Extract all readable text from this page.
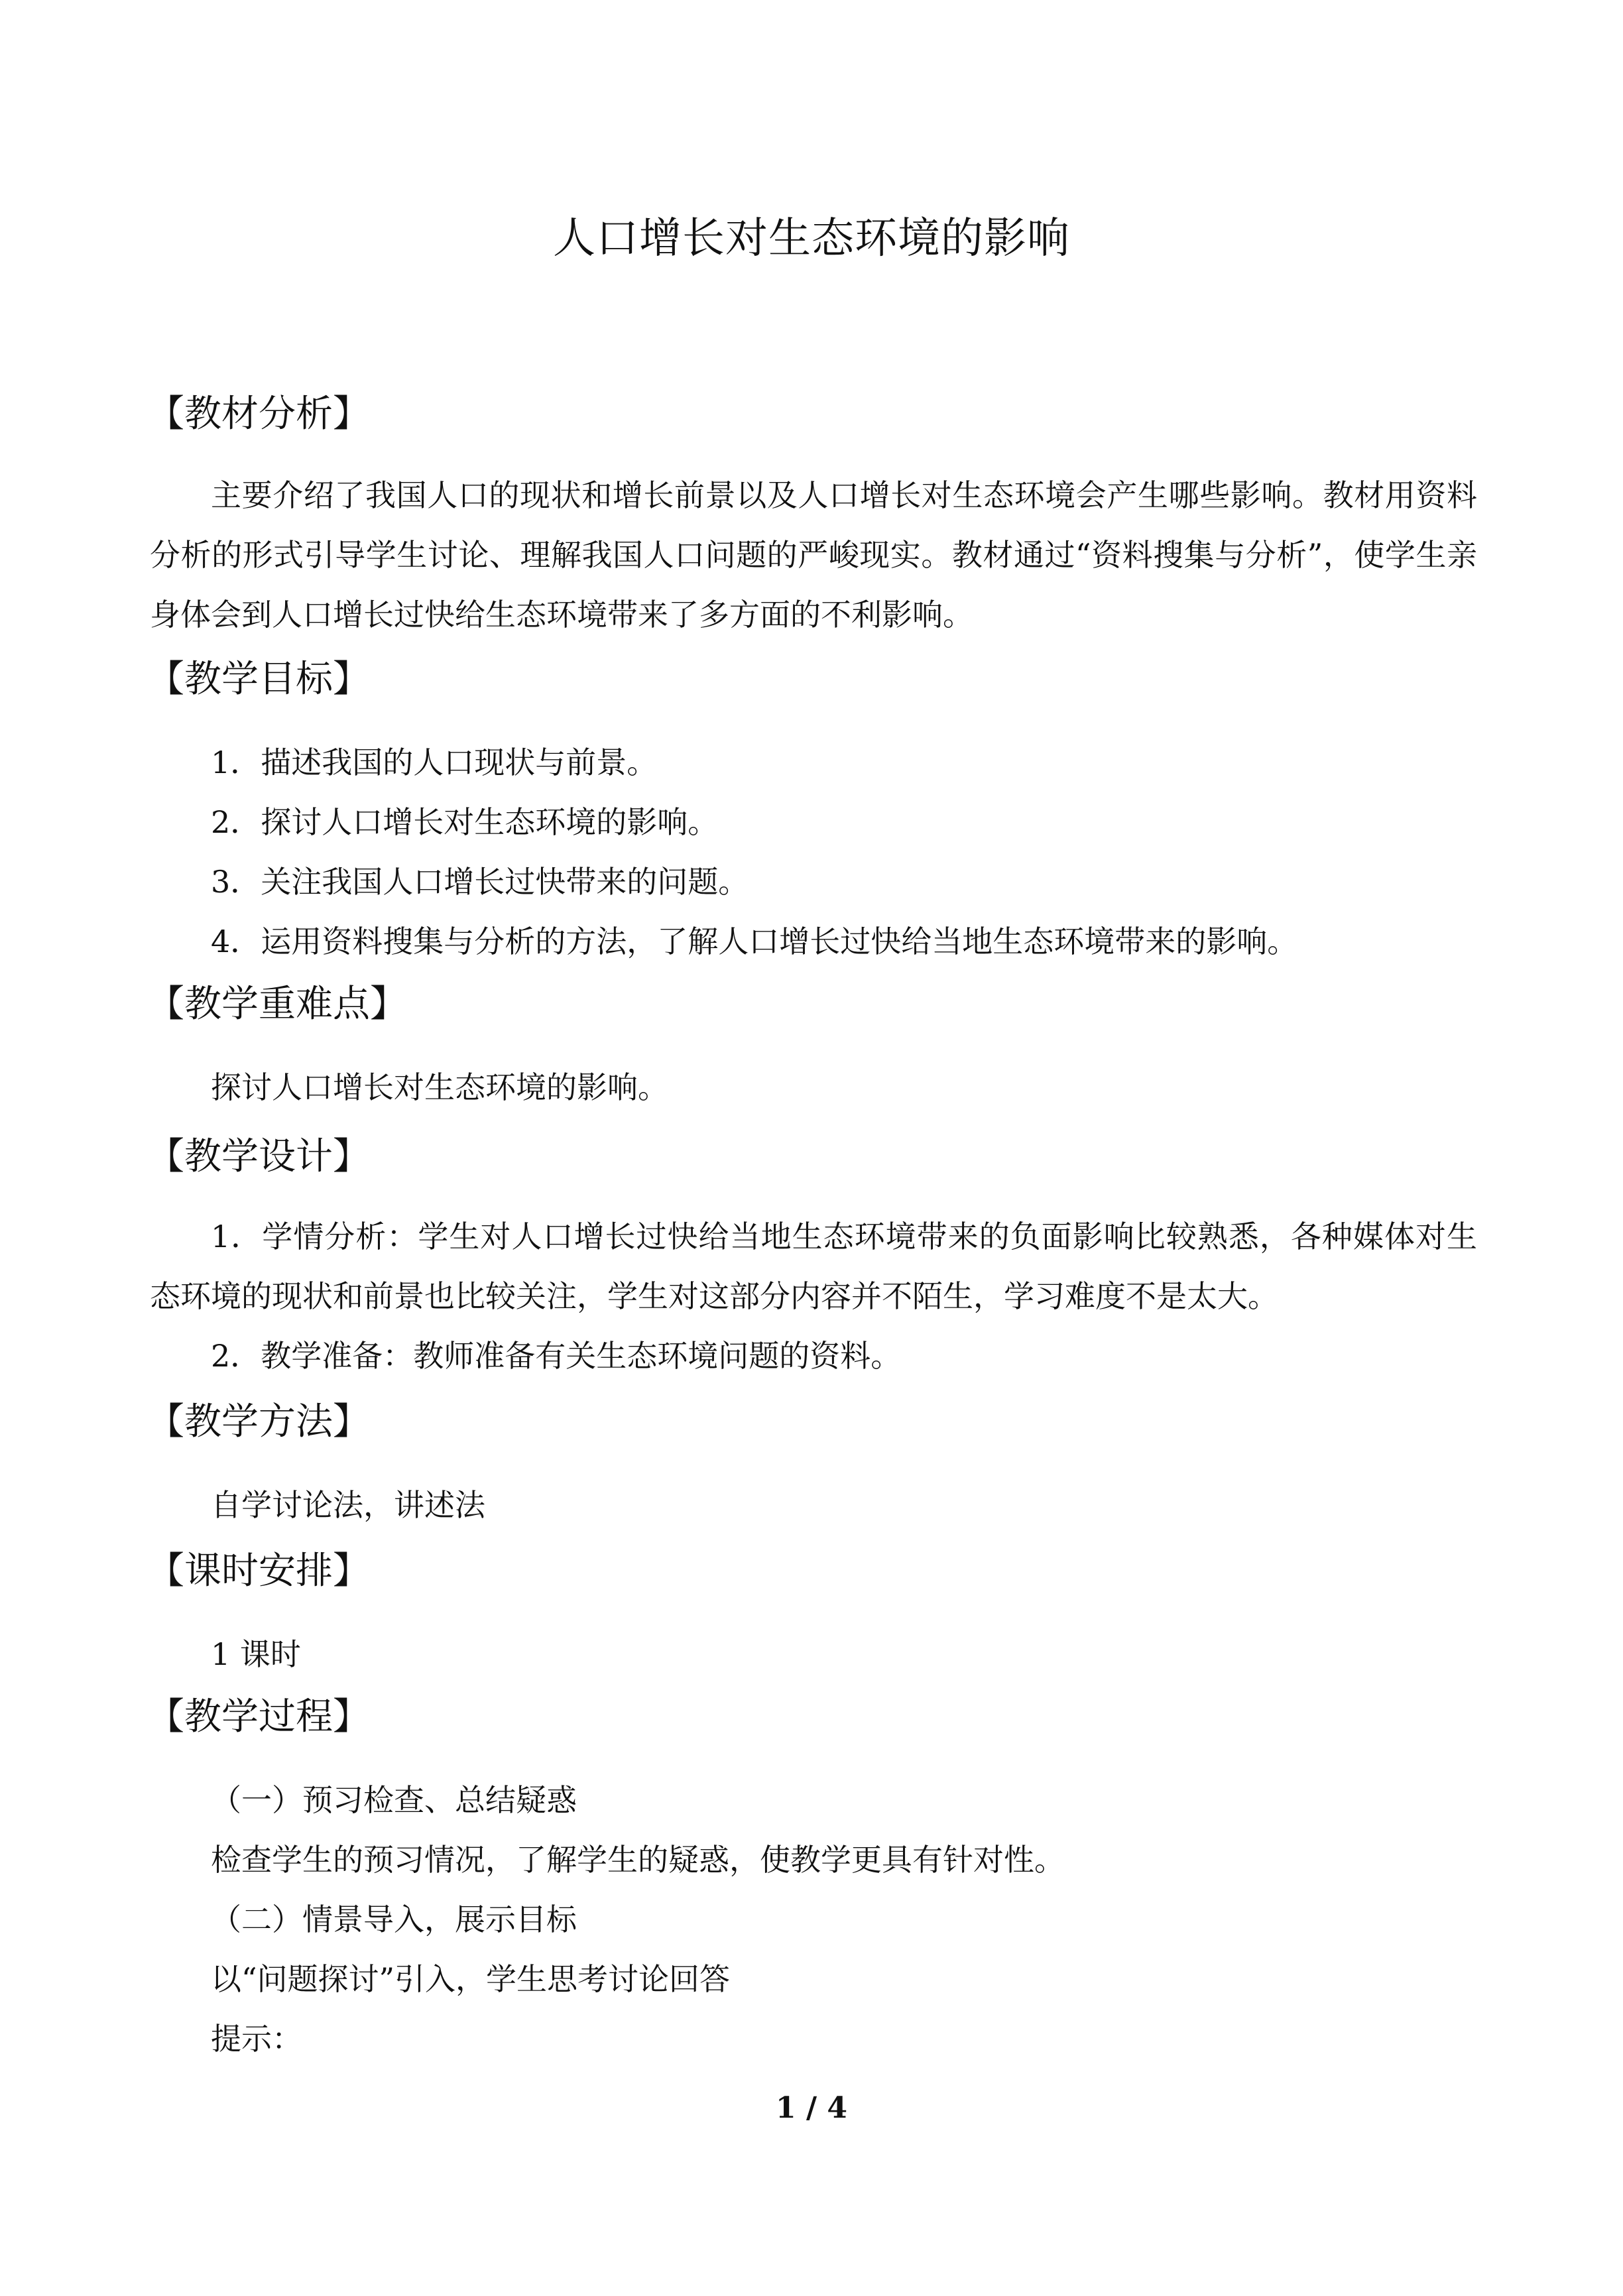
人口增长对生态环境的影响
【教材分析】
主要介绍了我国人口的现状和增长前景以及人口增长对生态环境会产生哪些影响。教材用资料分析的形式引导学生讨论、理解我国人口问题的严峻现实。教材通过“资料搜集与分析”，使学生亲身体会到人口增长过快给生态环境带来了多方面的不利影响。
【教学目标】
1．描述我国的人口现状与前景。
2．探讨人口增长对生态环境的影响。
3．关注我国人口增长过快带来的问题。
4．运用资料搜集与分析的方法，了解人口增长过快给当地生态环境带来的影响。
【教学重难点】
探讨人口增长对生态环境的影响。
【教学设计】
1．学情分析：学生对人口增长过快给当地生态环境带来的负面影响比较熟悉，各种媒体对生态环境的现状和前景也比较关注，学生对这部分内容并不陌生，学习难度不是太大。
2．教学准备：教师准备有关生态环境问题的资料。
【教学方法】
自学讨论法，讲述法
【课时安排】
1 课时
【教学过程】
（一）预习检查、总结疑惑
检查学生的预习情况，了解学生的疑惑，使教学更具有针对性。
（二）情景导入，展示目标
以“问题探讨”引入，学生思考讨论回答
提示：
1 / 4
